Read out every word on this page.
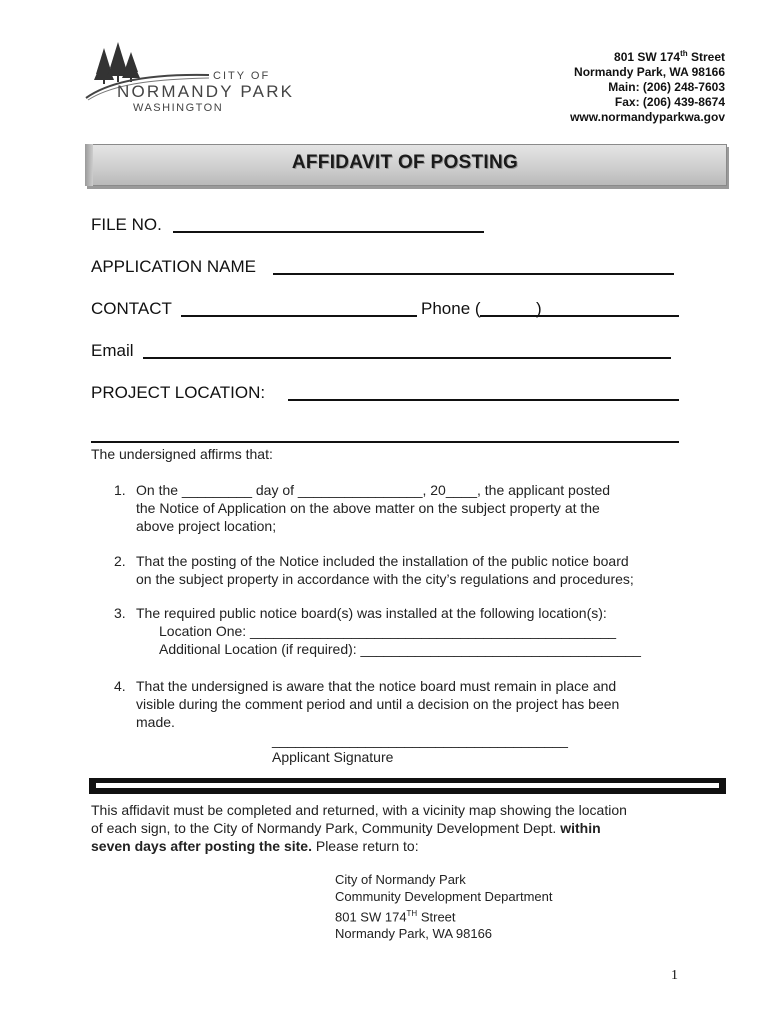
CITY OF
NORMANDY PARK
WASHINGTON
801 SW 174th Street
Normandy Park, WA 98166
Main: (206) 248-7603
Fax: (206) 439-8674
www.normandyparkwa.gov
AFFIDAVIT OF POSTING
FILE NO.
APPLICATION NAME
CONTACT	Phone (	)
Email
PROJECT LOCATION:
The undersigned affirms that:
1. On the _________ day of ________________, 20____, the applicant posted
the Notice of Application on the above matter on the subject property at the
above project location;
2. That the posting of the Notice included the installation of the public notice board
on the subject property in accordance with the city’s regulations and procedures;
3. The required public notice board(s) was installed at the following location(s):
Location One: _______________________________________________
Additional Location (if required): ____________________________________
4. That the undersigned is aware that the notice board must remain in place and
visible during the comment period and until a decision on the project has been
made.
______________________________________
Applicant Signature
This affidavit must be completed and returned, with a vicinity map showing the location
of each sign, to the City of Normandy Park, Community Development Dept. within
seven days after posting the site. Please return to:
City of Normandy Park
Community Development Department
801 SW 174TH Street
Normandy Park, WA 98166
1
